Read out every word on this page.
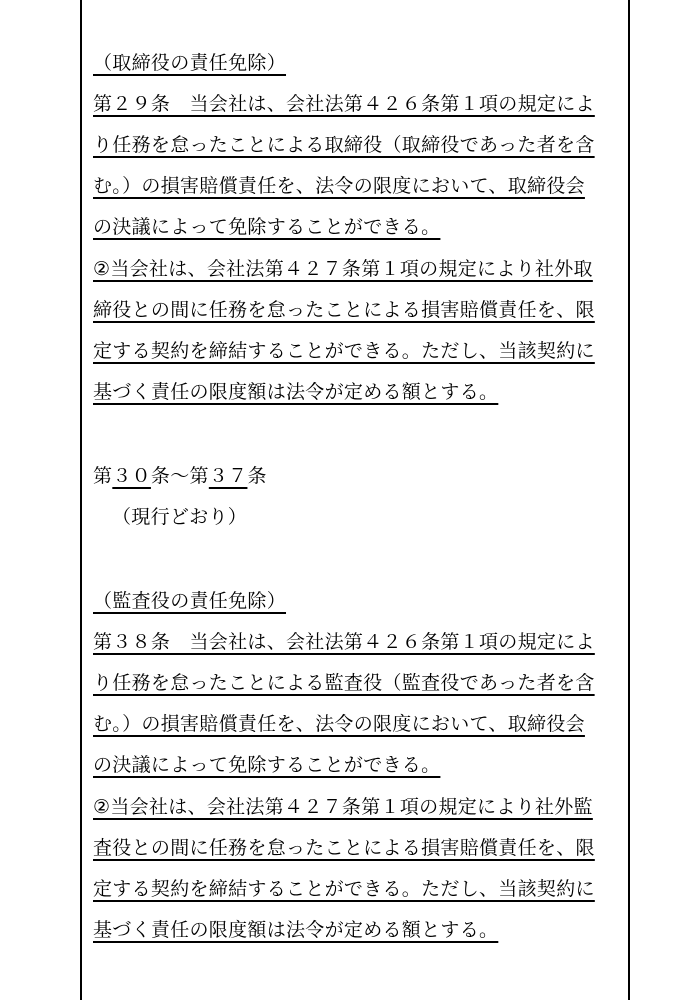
（取締役の責任免除）
第２９条　当会社は、会社法第４２６条第１項の規定によ
り任務を怠ったことによる取締役（取締役であった者を含
む。）の損害賠償責任を、法令の限度において、取締役会
の決議によって免除することができる。
②当会社は、会社法第４２７条第１項の規定により社外取
締役との間に任務を怠ったことによる損害賠償責任を、限
定する契約を締結することができる。ただし、当該契約に
基づく責任の限度額は法令が定める額とする。
第３０条～第３７条
（現行どおり）
（監査役の責任免除）
第３８条　当会社は、会社法第４２６条第１項の規定によ
り任務を怠ったことによる監査役（監査役であった者を含
む。）の損害賠償責任を、法令の限度において、取締役会
の決議によって免除することができる。
②当会社は、会社法第４２７条第１項の規定により社外監
査役との間に任務を怠ったことによる損害賠償責任を、限
定する契約を締結することができる。ただし、当該契約に
基づく責任の限度額は法令が定める額とする。
